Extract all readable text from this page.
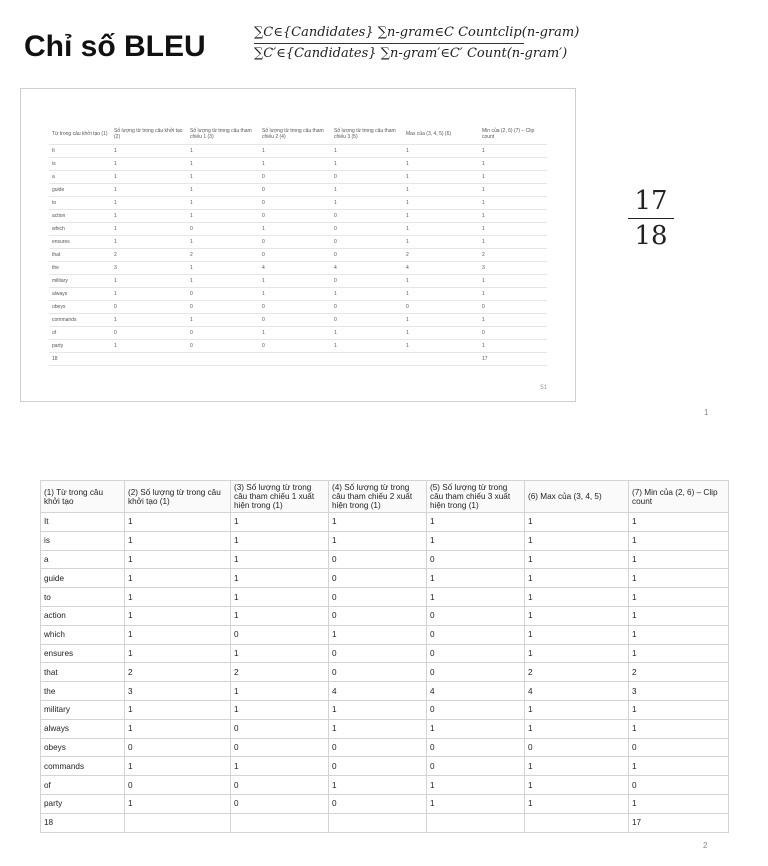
Chỉ số BLEU	∑C∈{Candidates} ∑n-gram∈C Countclip(n-gram)
∑C′∈{Candidates} ∑n-gram′∈C′ Count(n-gram′)
Từ trong câu khởi tạo (1)	Số lượng từ trong câu khởi tạo (2)	Số lượng từ trong câu tham chiếu 1 (3)	Số lượng từ trong câu tham chiếu 2 (4)	Số lượng từ trong câu tham chiếu 3 (5)	Max của (3, 4, 5) (6)	Min của (2, 6) (7) – Clip count
It	1	1	1	1	1	1
is	1	1	1	1	1	1
a	1	1	0	0	1	1
guide	1	1	0	1	1	1
to	1	1	0	1	1	1
action	1	1	0	0	1	1
which	1	0	1	0	1	1
ensures	1	1	0	0	1	1
that	2	2	0	0	2	2
the	3	1	4	4	4	3
military	1	1	1	0	1	1
always	1	0	1	1	1	1
obeys	0	0	0	0	0	0
commands	1	1	0	0	1	1
of	0	0	1	1	1	0
party	1	0	0	1	1	1
18						17
51
17
18
1
(1) Từ trong câu khởi tạo	(2) Số lượng từ trong câu khởi tạo (1)	(3) Số lượng từ trong câu tham chiếu 1 xuất hiện trong (1)	(4) Số lượng từ trong câu tham chiếu 2 xuất hiện trong (1)	(5) Số lượng từ trong câu tham chiếu 3 xuất hiện trong (1)	(6) Max của (3, 4, 5)	(7) Min của (2, 6) – Clip count
It	1	1	1	1	1	1
is	1	1	1	1	1	1
a	1	1	0	0	1	1
guide	1	1	0	1	1	1
to	1	1	0	1	1	1
action	1	1	0	0	1	1
which	1	0	1	0	1	1
ensures	1	1	0	0	1	1
that	2	2	0	0	2	2
the	3	1	4	4	4	3
military	1	1	1	0	1	1
always	1	0	1	1	1	1
obeys	0	0	0	0	0	0
commands	1	1	0	0	1	1
of	0	0	1	1	1	0
party	1	0	0	1	1	1
18						17
2
